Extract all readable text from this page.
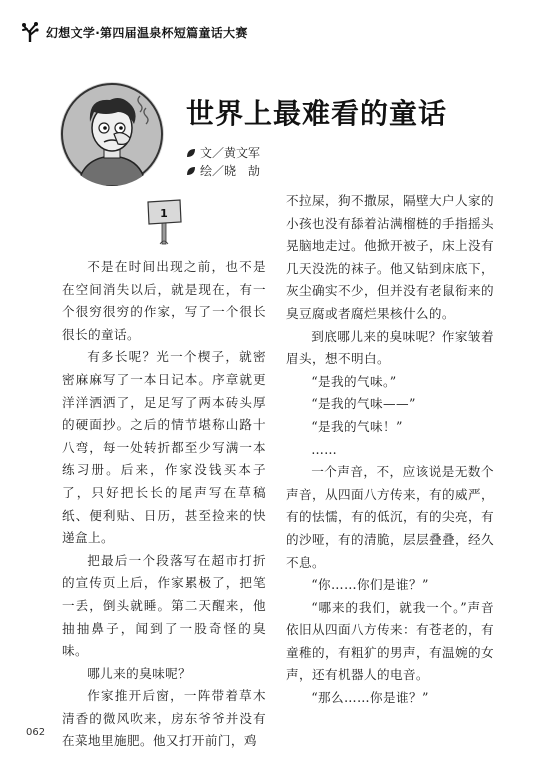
幻想文学·第四届温泉杯短篇童话大赛
世界上最难看的童话
文／黄文军
绘／晓　劼
1

不是在时间出现之前，也不是在空间消失以后，就是现在，有一个很穷很穷的作家，写了一个很长很长的童话。

有多长呢？光一个楔子，就密密麻麻写了一本日记本。序章就更洋洋洒洒了，足足写了两本砖头厚的硬面抄。之后的情节堪称山路十八弯，每一处转折都至少写满一本练习册。后来，作家没钱买本子了，只好把长长的尾声写在草稿纸、便利贴、日历，甚至捡来的快递盒上。

把最后一个段落写在超市打折的宣传页上后，作家累极了，把笔一丢，倒头就睡。第二天醒来，他抽抽鼻子，闻到了一股奇怪的臭味。

哪儿来的臭味呢？

作家推开后窗，一阵带着草木清香的微风吹来，房东爷爷并没有在菜地里施肥。他又打开前门，鸡

不拉屎，狗不撒尿，隔壁大户人家的小孩也没有舔着沾满榴梿的手指摇头晃脑地走过。他掀开被子，床上没有几天没洗的袜子。他又钻到床底下，灰尘确实不少，但并没有老鼠衔来的臭豆腐或者腐烂果核什么的。

到底哪儿来的臭味呢？作家皱着眉头，想不明白。

“是我的气味。”

“是我的气味——”

“是我的气味！”

……

一个声音，不，应该说是无数个声音，从四面八方传来，有的威严，有的怯懦，有的低沉，有的尖亮，有的沙哑，有的清脆，层层叠叠，经久不息。

“你……你们是谁？”

“哪来的我们，就我一个。”声音依旧从四面八方传来：有苍老的，有童稚的，有粗犷的男声，有温婉的女声，还有机器人的电音。

“那么……你是谁？”

062
